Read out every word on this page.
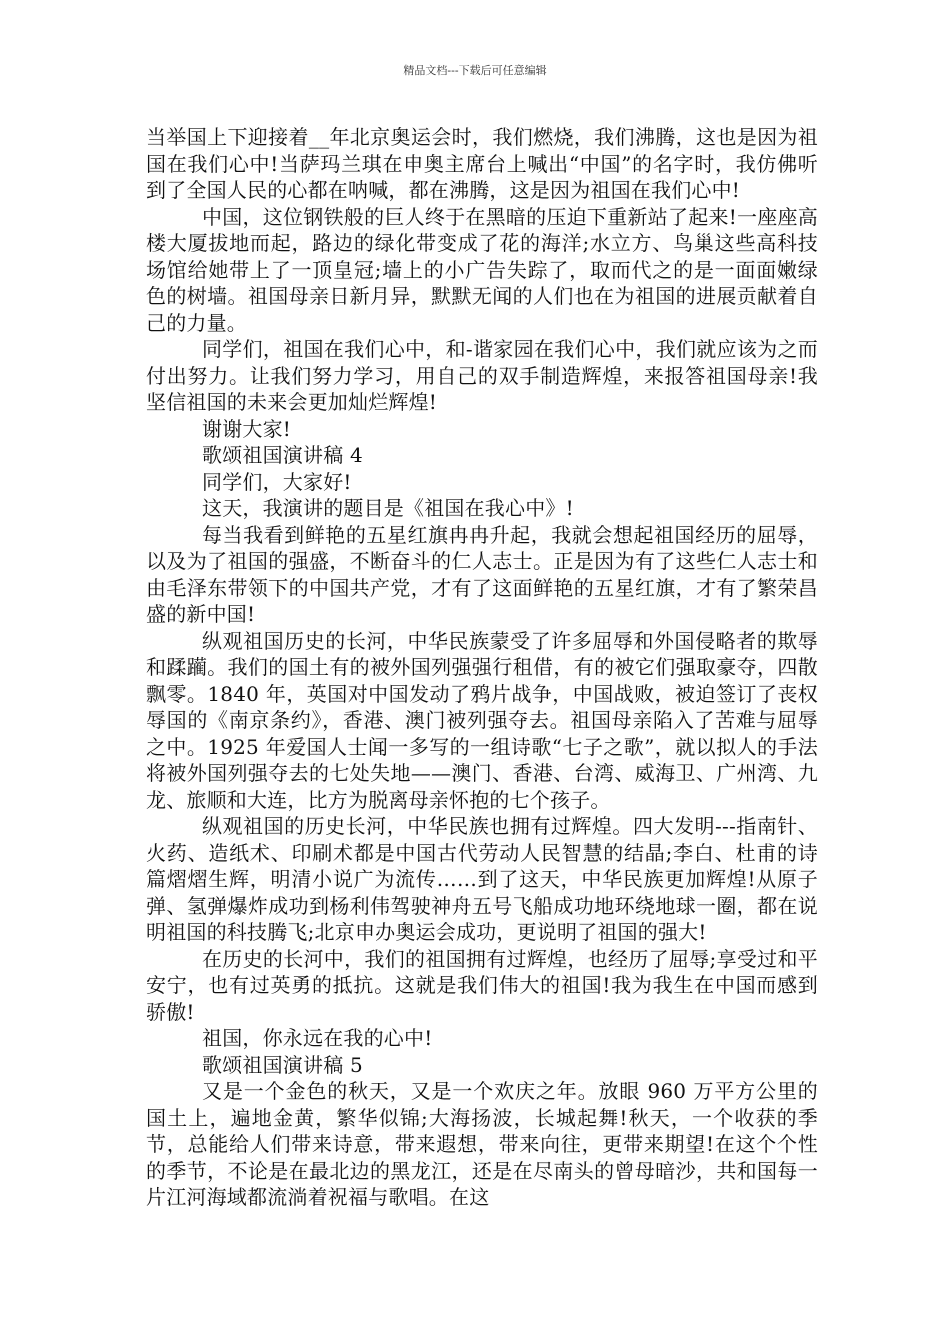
精品文档---下载后可任意编辑

当举国上下迎接着__年北京奥运会时，我们燃烧，我们沸腾，这也是因为祖国在我们心中!当萨玛兰琪在申奥主席台上喊出“中国”的名字时，我仿佛听到了全国人民的心都在呐喊，都在沸腾，这是因为祖国在我们心中!

中国，这位钢铁般的巨人终于在黑暗的压迫下重新站了起来!一座座高楼大厦拔地而起，路边的绿化带变成了花的海洋;水立方、鸟巢这些高科技场馆给她带上了一顶皇冠;墙上的小广告失踪了，取而代之的是一面面嫩绿色的树墙。祖国母亲日新月异，默默无闻的人们也在为祖国的进展贡献着自己的力量。

同学们，祖国在我们心中，和-谐家园在我们心中，我们就应该为之而付出努力。让我们努力学习，用自己的双手制造辉煌，来报答祖国母亲!我坚信祖国的未来会更加灿烂辉煌!

谢谢大家!

歌颂祖国演讲稿 4

同学们，大家好!

这天，我演讲的题目是《祖国在我心中》!

每当我看到鲜艳的五星红旗冉冉升起，我就会想起祖国经历的屈辱，以及为了祖国的强盛，不断奋斗的仁人志士。正是因为有了这些仁人志士和由毛泽东带领下的中国共产党，才有了这面鲜艳的五星红旗，才有了繁荣昌盛的新中国!

纵观祖国历史的长河，中华民族蒙受了许多屈辱和外国侵略者的欺辱和蹂躏。我们的国土有的被外国列强强行租借，有的被它们强取豪夺，四散飘零。1840 年，英国对中国发动了鸦片战争，中国战败，被迫签订了丧权辱国的《南京条约》，香港、澳门被列强夺去。祖国母亲陷入了苦难与屈辱之中。1925 年爱国人士闻一多写的一组诗歌“七子之歌”，就以拟人的手法将被外国列强夺去的七处失地——澳门、香港、台湾、威海卫、广州湾、九龙、旅顺和大连，比方为脱离母亲怀抱的七个孩子。

纵观祖国的历史长河，中华民族也拥有过辉煌。四大发明---指南针、火药、造纸术、印刷术都是中国古代劳动人民智慧的结晶;李白、杜甫的诗篇熠熠生辉，明清小说广为流传……到了这天，中华民族更加辉煌!从原子弹、氢弹爆炸成功到杨利伟驾驶神舟五号飞船成功地环绕地球一圈，都在说明祖国的科技腾飞;北京申办奥运会成功，更说明了祖国的强大!

在历史的长河中，我们的祖国拥有过辉煌，也经历了屈辱;享受过和平安宁，也有过英勇的抵抗。这就是我们伟大的祖国!我为我生在中国而感到骄傲!

祖国，你永远在我的心中!

歌颂祖国演讲稿 5

又是一个金色的秋天，又是一个欢庆之年。放眼 960 万平方公里的国土上，遍地金黄，繁华似锦;大海扬波，长城起舞!秋天，一个收获的季节，总能给人们带来诗意，带来遐想，带来向往，更带来期望!在这个个性的季节，不论是在最北边的黑龙江，还是在尽南头的曾母暗沙，共和国每一片江河海域都流淌着祝福与歌唱。在这
